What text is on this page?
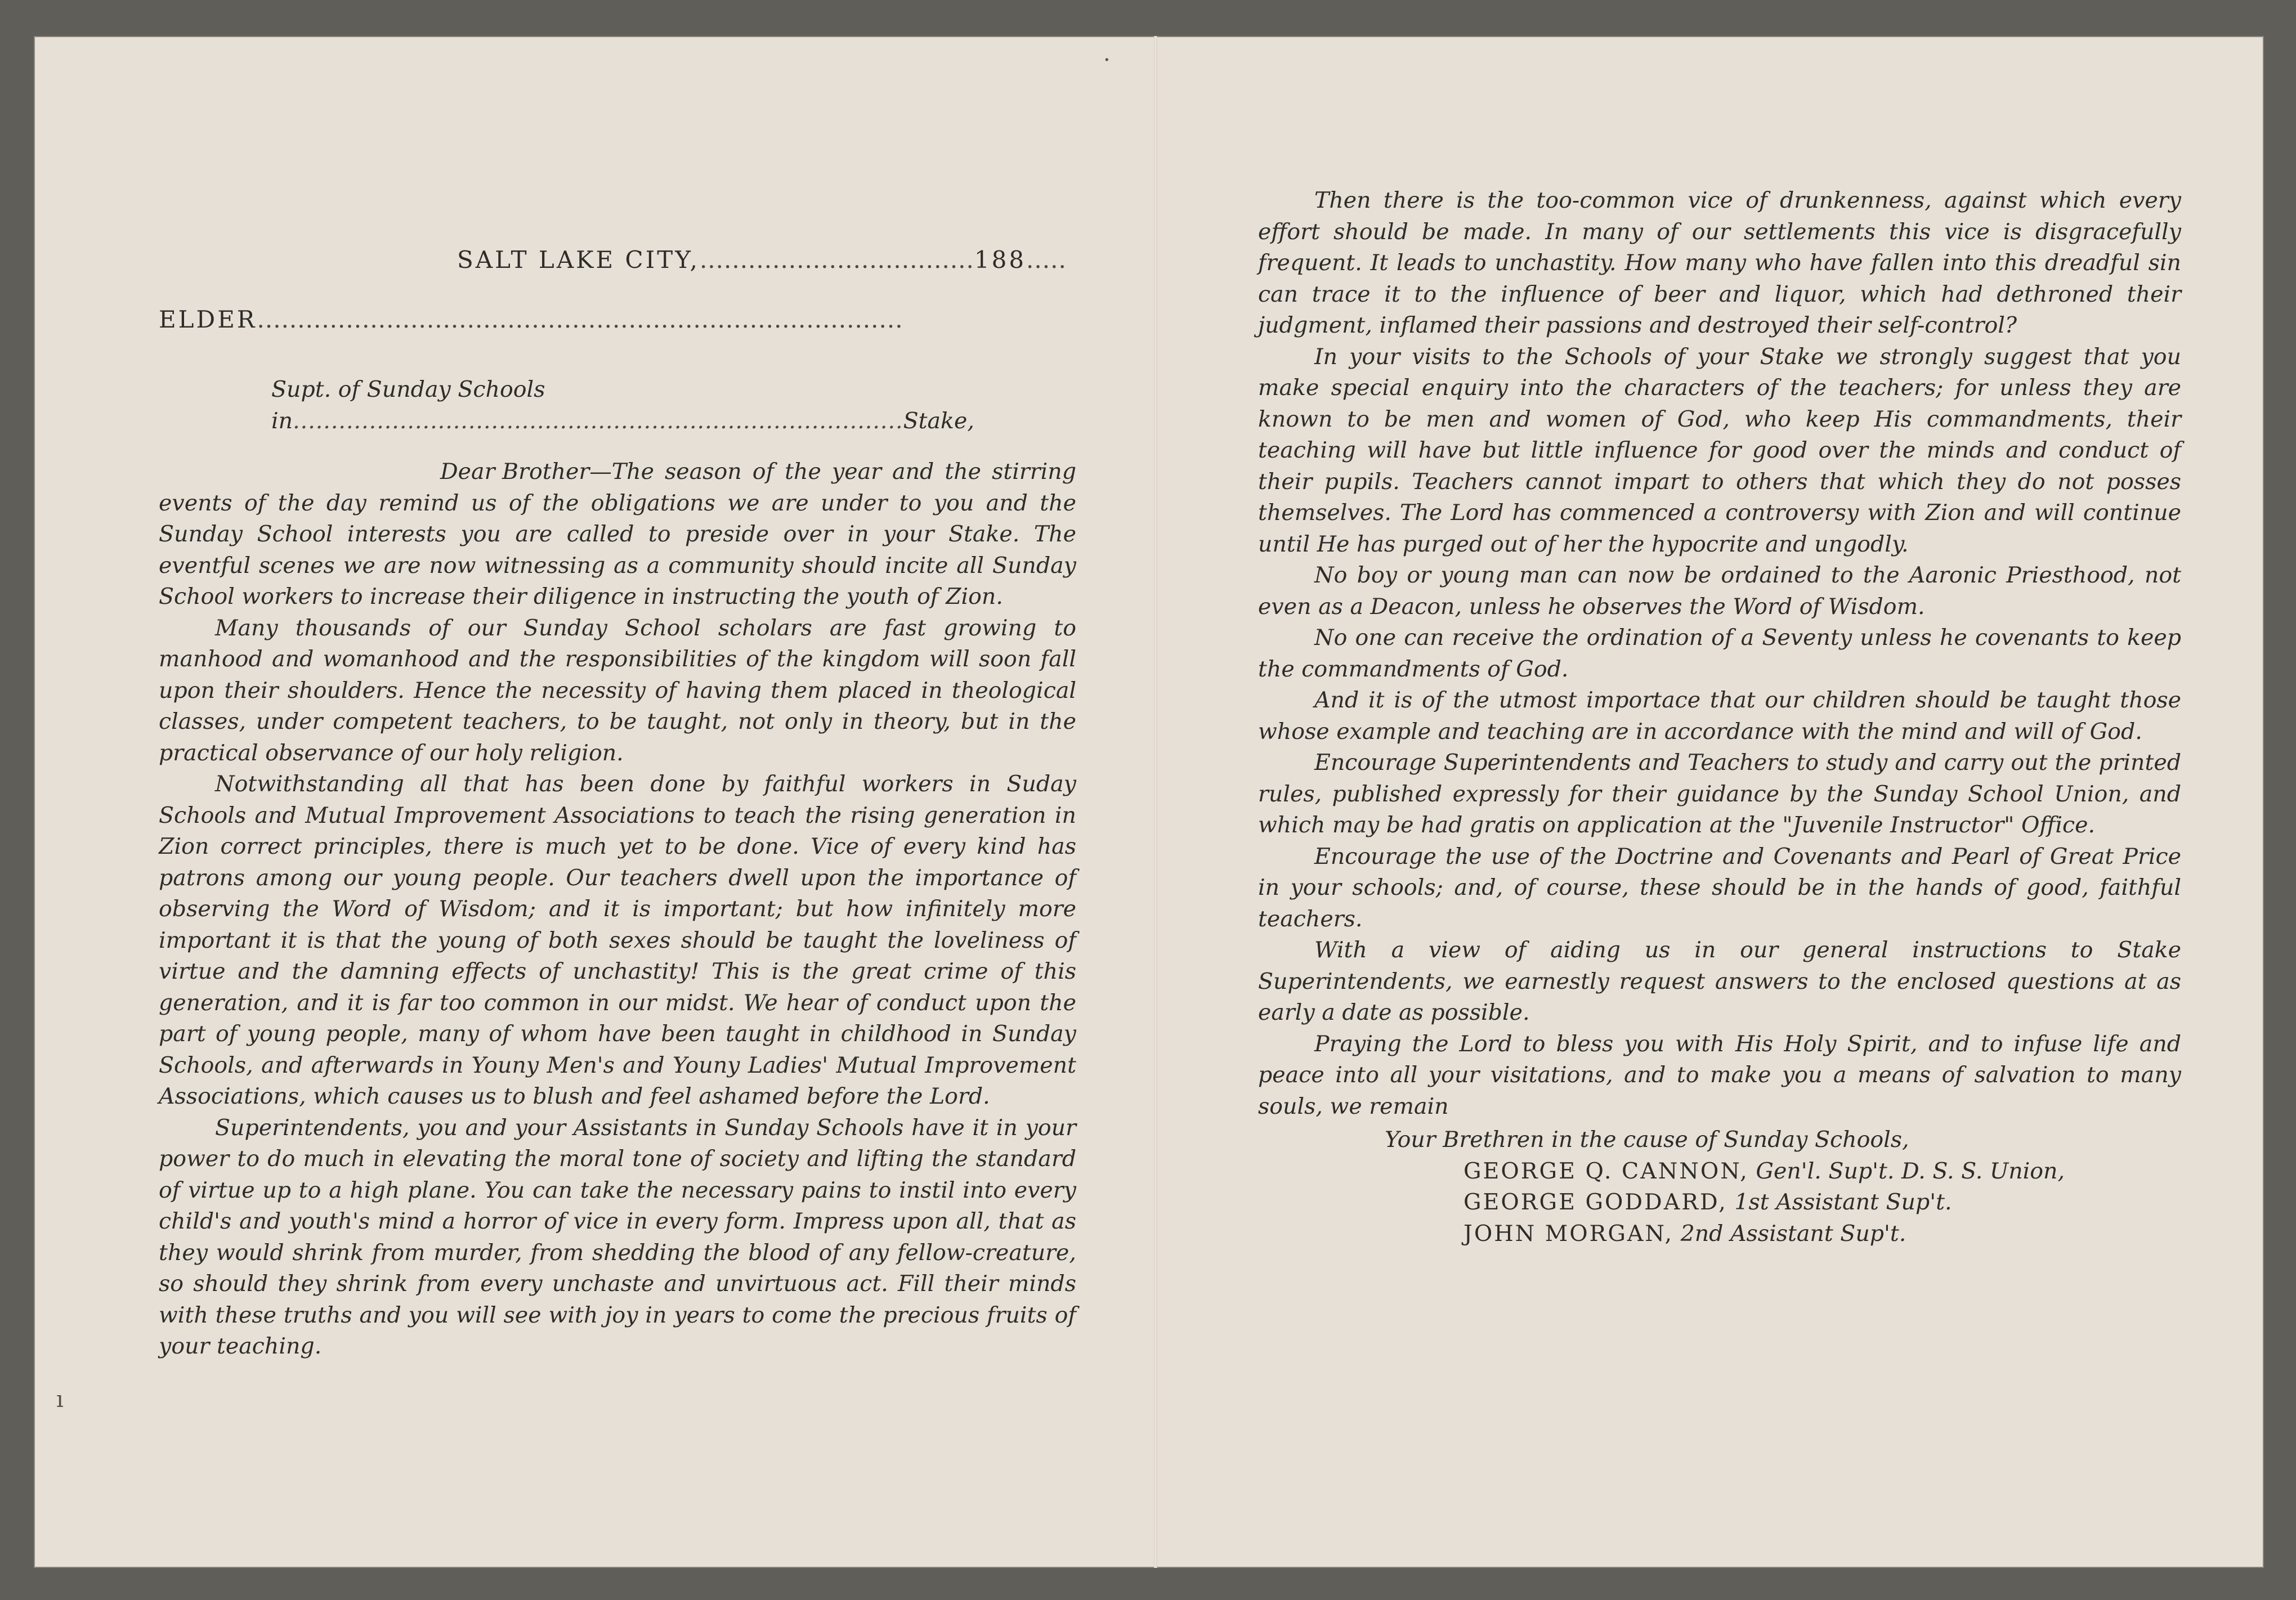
ı
·
SALT LAKE CITY,..................................188.....
ELDER................................................................................
Supt. of Sunday Schools in................................................................................Stake,

Dear Brother—The season of the year and the stirring events of the day remind us of the obligations we are under to you and the Sunday School interests you are called to preside over in your Stake. The eventful scenes we are now witnessing as a community should incite all Sunday School workers to increase their diligence in instructing the youth of Zion.

Many thousands of our Sunday School scholars are fast growing to manhood and womanhood and the responsibilities of the kingdom will soon fall upon their shoulders. Hence the necessity of having them placed in theological classes, under competent teachers, to be taught, not only in theory, but in the practical observance of our holy religion.

Notwithstanding all that has been done by faithful workers in Suday Schools and Mutual Improvement Associations to teach the rising generation in Zion correct principles, there is much yet to be done. Vice of every kind has patrons among our young people. Our teachers dwell upon the importance of observing the Word of Wisdom; and it is important; but how infinitely more important it is that the young of both sexes should be taught the loveliness of virtue and the damning effects of unchastity! This is the great crime of this generation, and it is far too common in our midst. We hear of conduct upon the part of young people, many of whom have been taught in childhood in Sunday Schools, and afterwards in Youny Men's and Youny Ladies' Mutual Improvement Associations, which causes us to blush and feel ashamed before the Lord.

Superintendents, you and your Assistants in Sunday Schools have it in your power to do much in elevating the moral tone of society and lifting the standard of virtue up to a high plane. You can take the necessary pains to instil into every child's and youth's mind a horror of vice in every form. Impress upon all, that as they would shrink from murder, from shedding the blood of any fellow-creature, so should they shrink from every unchaste and unvirtuous act. Fill their minds with these truths and you will see with joy in years to come the precious fruits of your teaching.

Then there is the too-common vice of drunkenness, against which every effort should be made. In many of our settlements this vice is disgracefully frequent. It leads to unchastity. How many who have fallen into this dreadful sin can trace it to the influence of beer and liquor, which had dethroned their judgment, inflamed their passions and destroyed their self-control?

In your visits to the Schools of your Stake we strongly suggest that you make special enquiry into the characters of the teachers; for unless they are known to be men and women of God, who keep His commandments, their teaching will have but little influence for good over the minds and conduct of their pupils. Teachers cannot impart to others that which they do not posses themselves. The Lord has commenced a controversy with Zion and will continue until He has purged out of her the hypocrite and ungodly.

No boy or young man can now be ordained to the Aaronic Priesthood, not even as a Deacon, unless he observes the Word of Wisdom.

No one can receive the ordination of a Seventy unless he covenants to keep the commandments of God.

And it is of the utmost importace that our children should be taught those whose example and teaching are in accordance with the mind and will of God.

Encourage Superintendents and Teachers to study and carry out the printed rules, published expressly for their guidance by the Sunday School Union, and which may be had gratis on application at the "Juvenile Instructor" Office.

Encourage the use of the Doctrine and Covenants and Pearl of Great Price in your schools; and, of course, these should be in the hands of good, faithful teachers.

With a view of aiding us in our general instructions to Stake Superintendents, we earnestly request answers to the enclosed questions at as early a date as possible.

Praying the Lord to bless you with His Holy Spirit, and to infuse life and peace into all your visitations, and to make you a means of salvation to many souls, we remain

Your Brethren in the cause of Sunday Schools,
GEORGE Q. CANNON, Gen'l. Sup't. D. S. S. Union,
GEORGE GODDARD, 1st Assistant Sup't.
JOHN MORGAN, 2nd Assistant Sup't.
